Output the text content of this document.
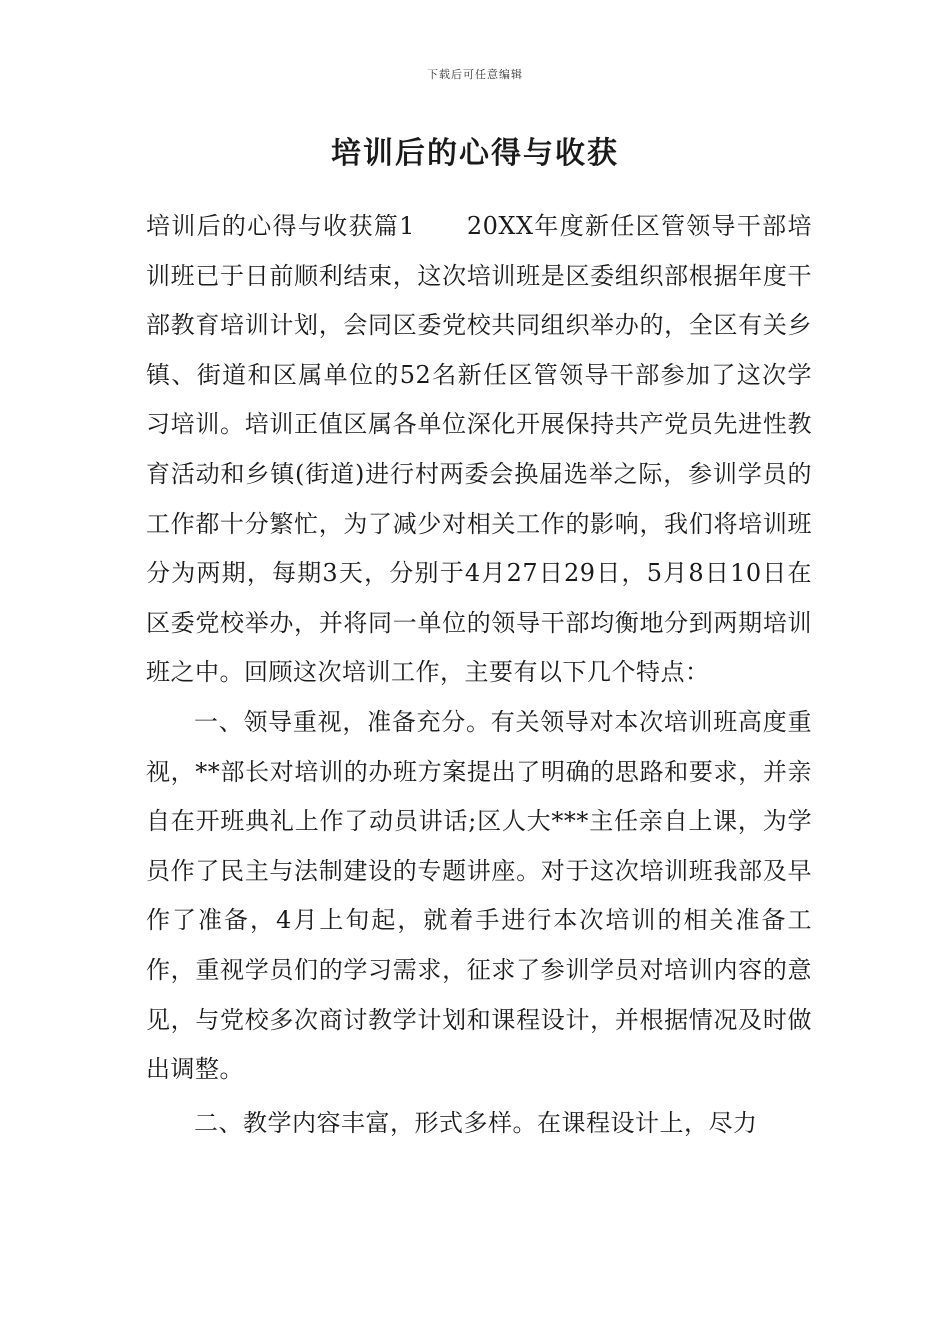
下载后可任意编辑
培训后的心得与收获

培训后的心得与收获篇1 20XX年度新任区管领导干部培训班已于日前顺利结束，这次培训班是区委组织部根据年度干部教育培训计划，会同区委党校共同组织举办的，全区有关乡镇、街道和区属单位的52名新任区管领导干部参加了这次学习培训。培训正值区属各单位深化开展保持共产党员先进性教育活动和乡镇(街道)进行村两委会换届选举之际，参训学员的工作都十分繁忙，为了减少对相关工作的影响，我们将培训班分为两期，每期3天，分别于4月27日29日，5月8日10日在区委党校举办，并将同一单位的领导干部均衡地分到两期培训班之中。回顾这次培训工作，主要有以下几个特点：

一、领导重视，准备充分。有关领导对本次培训班高度重视，**部长对培训的办班方案提出了明确的思路和要求，并亲自在开班典礼上作了动员讲话;区人大***主任亲自上课，为学员作了民主与法制建设的专题讲座。对于这次培训班我部及早作了准备，4月上旬起，就着手进行本次培训的相关准备工作，重视学员们的学习需求，征求了参训学员对培训内容的意见，与党校多次商讨教学计划和课程设计，并根据情况及时做出调整。

二、教学内容丰富，形式多样。在课程设计上，尽力
